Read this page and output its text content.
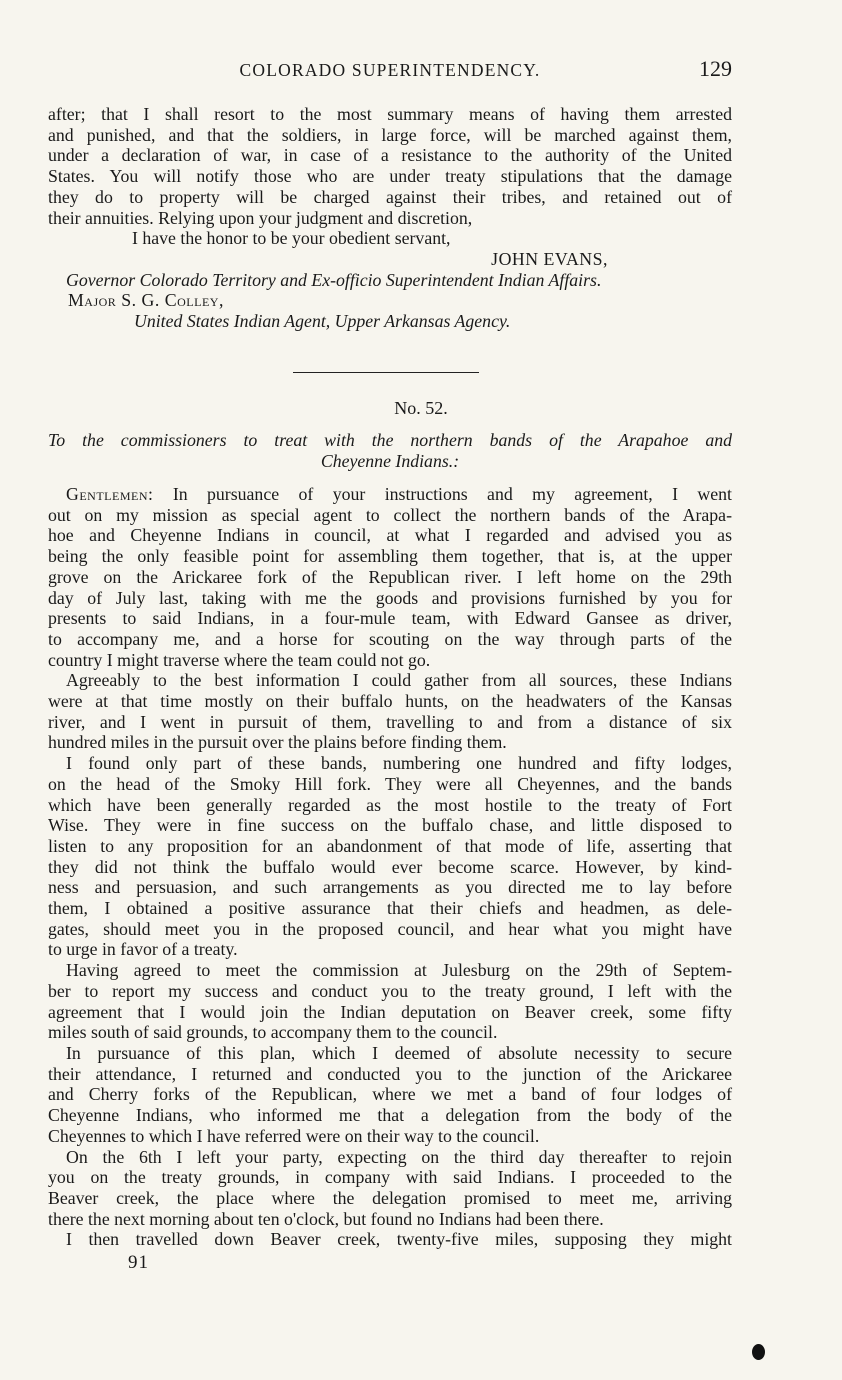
COLORADO SUPERINTENDENCY.	129
after; that I shall resort to the most summary means of having them arrested
and punished, and that the soldiers, in large force, will be marched against them,
under a declaration of war, in case of a resistance to the authority of the United
States. You will notify those who are under treaty stipulations that the damage
they do to property will be charged against their tribes, and retained out of
their annuities. Relying upon your judgment and discretion,
I have the honor to be your obedient servant,
JOHN EVANS,
Governor Colorado Territory and Ex-officio Superintendent Indian Affairs.
Major S. G. Colley,
United States Indian Agent, Upper Arkansas Agency.
No. 52.
To the commissioners to treat with the northern bands of the Arapahoe and
Cheyenne Indians.:
Gentlemen: In pursuance of your instructions and my agreement, I went
out on my mission as special agent to collect the northern bands of the Arapa-
hoe and Cheyenne Indians in council, at what I regarded and advised you as
being the only feasible point for assembling them together, that is, at the upper
grove on the Arickaree fork of the Republican river. I left home on the 29th
day of July last, taking with me the goods and provisions furnished by you for
presents to said Indians, in a four-mule team, with Edward Gansee as driver,
to accompany me, and a horse for scouting on the way through parts of the
country I might traverse where the team could not go.
Agreeably to the best information I could gather from all sources, these Indians
were at that time mostly on their buffalo hunts, on the headwaters of the Kansas
river, and I went in pursuit of them, travelling to and from a distance of six
hundred miles in the pursuit over the plains before finding them.
I found only part of these bands, numbering one hundred and fifty lodges,
on the head of the Smoky Hill fork. They were all Cheyennes, and the bands
which have been generally regarded as the most hostile to the treaty of Fort
Wise. They were in fine success on the buffalo chase, and little disposed to
listen to any proposition for an abandonment of that mode of life, asserting that
they did not think the buffalo would ever become scarce. However, by kind-
ness and persuasion, and such arrangements as you directed me to lay before
them, I obtained a positive assurance that their chiefs and headmen, as dele-
gates, should meet you in the proposed council, and hear what you might have
to urge in favor of a treaty.
Having agreed to meet the commission at Julesburg on the 29th of Septem-
ber to report my success and conduct you to the treaty ground, I left with the
agreement that I would join the Indian deputation on Beaver creek, some fifty
miles south of said grounds, to accompany them to the council.
In pursuance of this plan, which I deemed of absolute necessity to secure
their attendance, I returned and conducted you to the junction of the Arickaree
and Cherry forks of the Republican, where we met a band of four lodges of
Cheyenne Indians, who informed me that a delegation from the body of the
Cheyennes to which I have referred were on their way to the council.
On the 6th I left your party, expecting on the third day thereafter to rejoin
you on the treaty grounds, in company with said Indians. I proceeded to the
Beaver creek, the place where the delegation promised to meet me, arriving
there the next morning about ten o'clock, but found no Indians had been there.
I then travelled down Beaver creek, twenty-five miles, supposing they might
91
